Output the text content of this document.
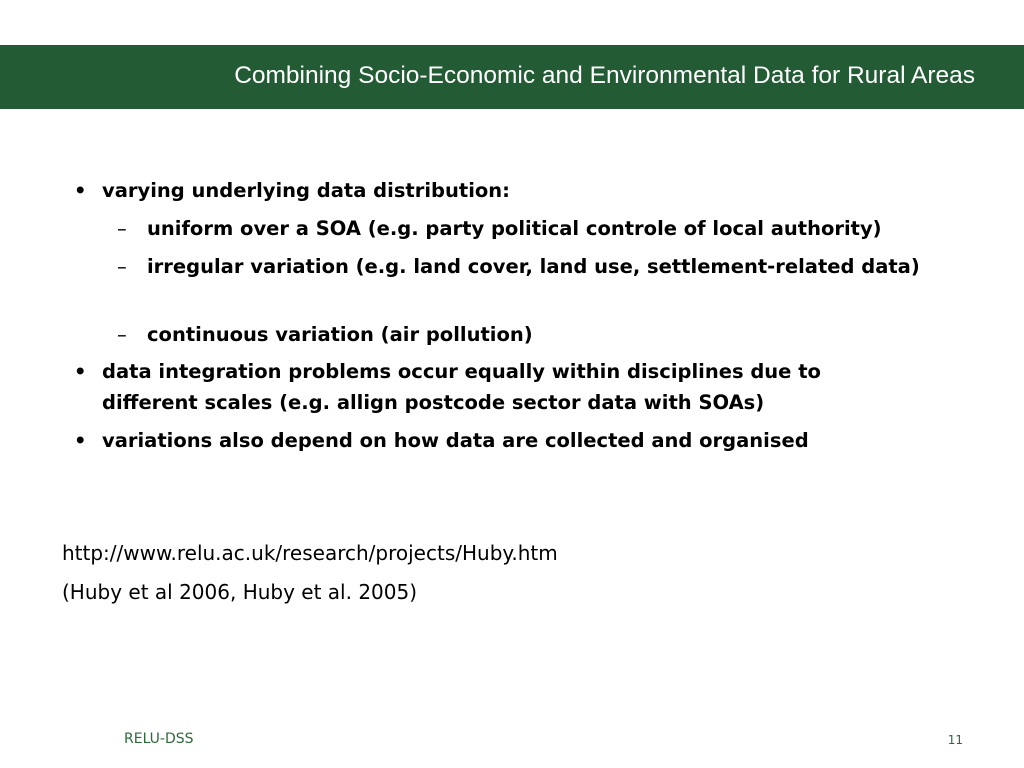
Combining Socio-Economic and Environmental Data for Rural Areas
• varying underlying data distribution:
– uniform over a SOA (e.g. party political controle of local authority)
– irregular variation (e.g. land cover, land use, settlement-related data)
– continuous variation (air pollution)
• data integration problems occur equally within disciplines due to different scales (e.g. allign postcode sector data with SOAs)
• variations also depend on how data are collected and organised
http://www.relu.ac.uk/research/projects/Huby.htm
(Huby et al 2006, Huby et al. 2005)
RELU-DSS	11
